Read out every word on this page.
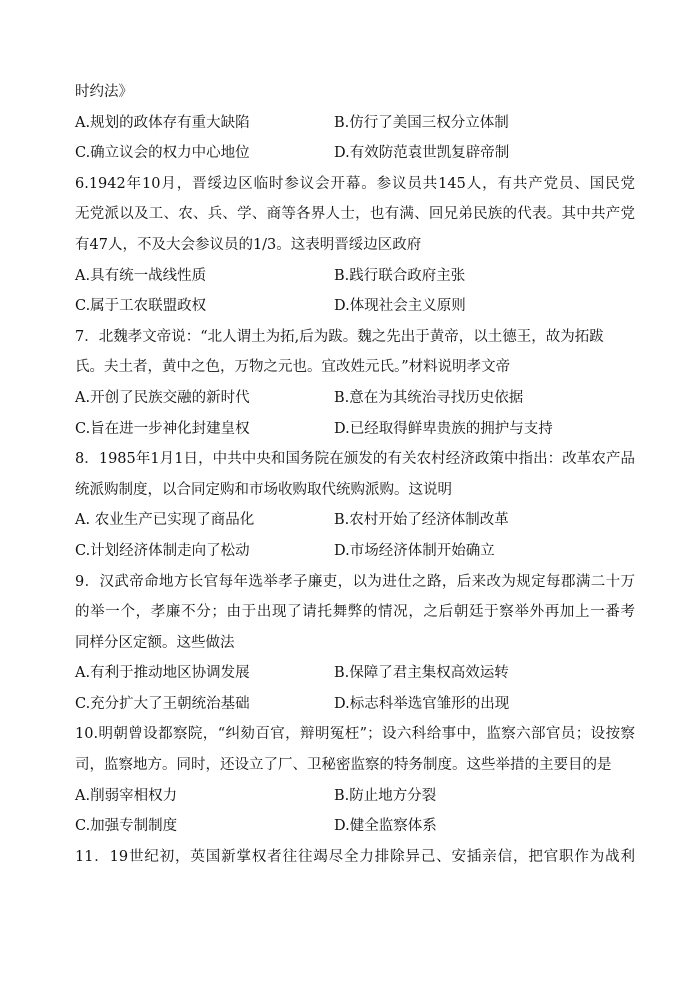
时约法》
A.规划的政体存有重大缺陷	B.仿行了美国三权分立体制
C.确立议会的权力中心地位	D.有效防范袁世凯复辟帝制
6.1942年10月，晋绥边区临时参议会开幕。参议员共145人，有共产党员、国民党
无党派以及工、农、兵、学、商等各界人士，也有满、回兄弟民族的代表。其中共产党
有47人，不及大会参议员的1/3。这表明晋绥边区政府
A.具有统一战线性质	B.践行联合政府主张
C.属于工农联盟政权	D.体现社会主义原则
7．北魏孝文帝说：“北人谓土为拓,后为跋。魏之先出于黄帝，以土德王，故为拓跋
氏。夫土者，黄中之色，万物之元也。宜改姓元氏。”材料说明孝文帝
A.开创了民族交融的新时代	B.意在为其统治寻找历史依据
C.旨在进一步神化封建皇权	D.已经取得鲜卑贵族的拥护与支持
8．1985年1月1日，中共中央和国务院在颁发的有关农村经济政策中指出：改革农产品
统派购制度，以合同定购和市场收购取代统购派购。这说明
A. 农业生产已实现了商品化	B.农村开始了经济体制改革
C.计划经济体制走向了松动	D.市场经济体制开始确立
9．汉武帝命地方长官每年选举孝子廉吏，以为进仕之路，后来改为规定每郡满二十万
的举一个，孝廉不分；由于出现了请托舞弊的情况，之后朝廷于察举外再加上一番考
同样分区定额。这些做法
A.有利于推动地区协调发展	B.保障了君主集权高效运转
C.充分扩大了王朝统治基础	D.标志科举选官雏形的出现
10.明朝曾设都察院，“纠劾百官，辩明冤枉”；设六科给事中，监察六部官员；设按察
司，监察地方。同时，还设立了厂、卫秘密监察的特务制度。这些举措的主要目的是
A.削弱宰相权力	B.防止地方分裂
C.加强专制制度	D.健全监察体系
11．19世纪初，英国新掌权者往往竭尽全力排除异己、安插亲信，把官职作为战利
